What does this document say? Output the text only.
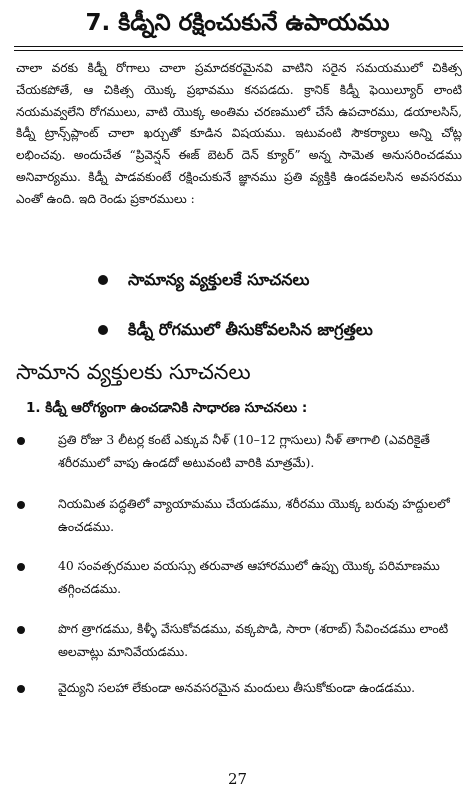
7. కిడ్నీని రక్షించుకునే ఉపాయము

చాలా వరకు కిడ్నీ రోగాలు చాలా ప్రమాదకరమైనవి వాటిని సరైన సమయములో చికిత్స చేయకపోతే, ఆ చికిత్స యొక్క ప్రభావము కనపడదు. క్రానిక్ కిడ్నీ ఫెయిల్యూర్ లాంటి నయమవ్వలేని రోగములు, వాటి యొక్క అంతిమ చరణములో చేసే ఉపచారము, డయాలసిస్, కిడ్నీ ట్రాన్స్‌ప్లాంట్ చాలా ఖర్చుతో కూడిన విషయము. ఇటువంటి సౌకర్యాలు అన్ని చోట్ల లభించవు. అందుచేత “ప్రివెన్షన్ ఈజ్ బెటర్ దెన్ క్యూర్” అన్న సామెత అనుసరించడము అనివార్యము. కిడ్నీ పాడవకుంటే రక్షించుకునే జ్ఞానము ప్రతి వ్యక్తికి ఉండవలసిన అవసరము ఎంతో ఉంది. ఇది రెండు ప్రకారములు :

సామాన్య వ్యక్తులకే సూచనలు
కిడ్నీ రోగములో తీసుకోవలసిన జాగ్రత్తలు
సామాన వ్యక్తులకు సూచనలు
1. కిడ్నీ ఆరోగ్యంగా ఉంచడానికి సాధారణ సూచనలు :
ప్రతి రోజు 3 లీటర్ల కంటే ఎక్కువ నీళ్ (10–12 గ్లాసులు) నీళ్ తాగాలి (ఎవరికైతే శరీరములో వాపు ఉండదో అటువంటి వారికి మాత్రమే).
నియమిత పద్ధతిలో వ్యాయామము చేయడము, శరీరము యొక్క బరువు హద్దులలో ఉంచడము.
40 సంవత్సరముల వయస్సు తరువాత ఆహారములో ఉప్పు యొక్క పరిమాణము తగ్గించడము.
పొగ త్రాగడము, కిళ్ళీ వేసుకోవడము, వక్కపొడి, సారా (శరాబ్) సేవించడము లాంటి అలవాట్లు మానివేయడము.
వైద్యుని సలహా లేకుండా అనవసరమైన మందులు తీసుకోకుండా ఉండడము.
27
